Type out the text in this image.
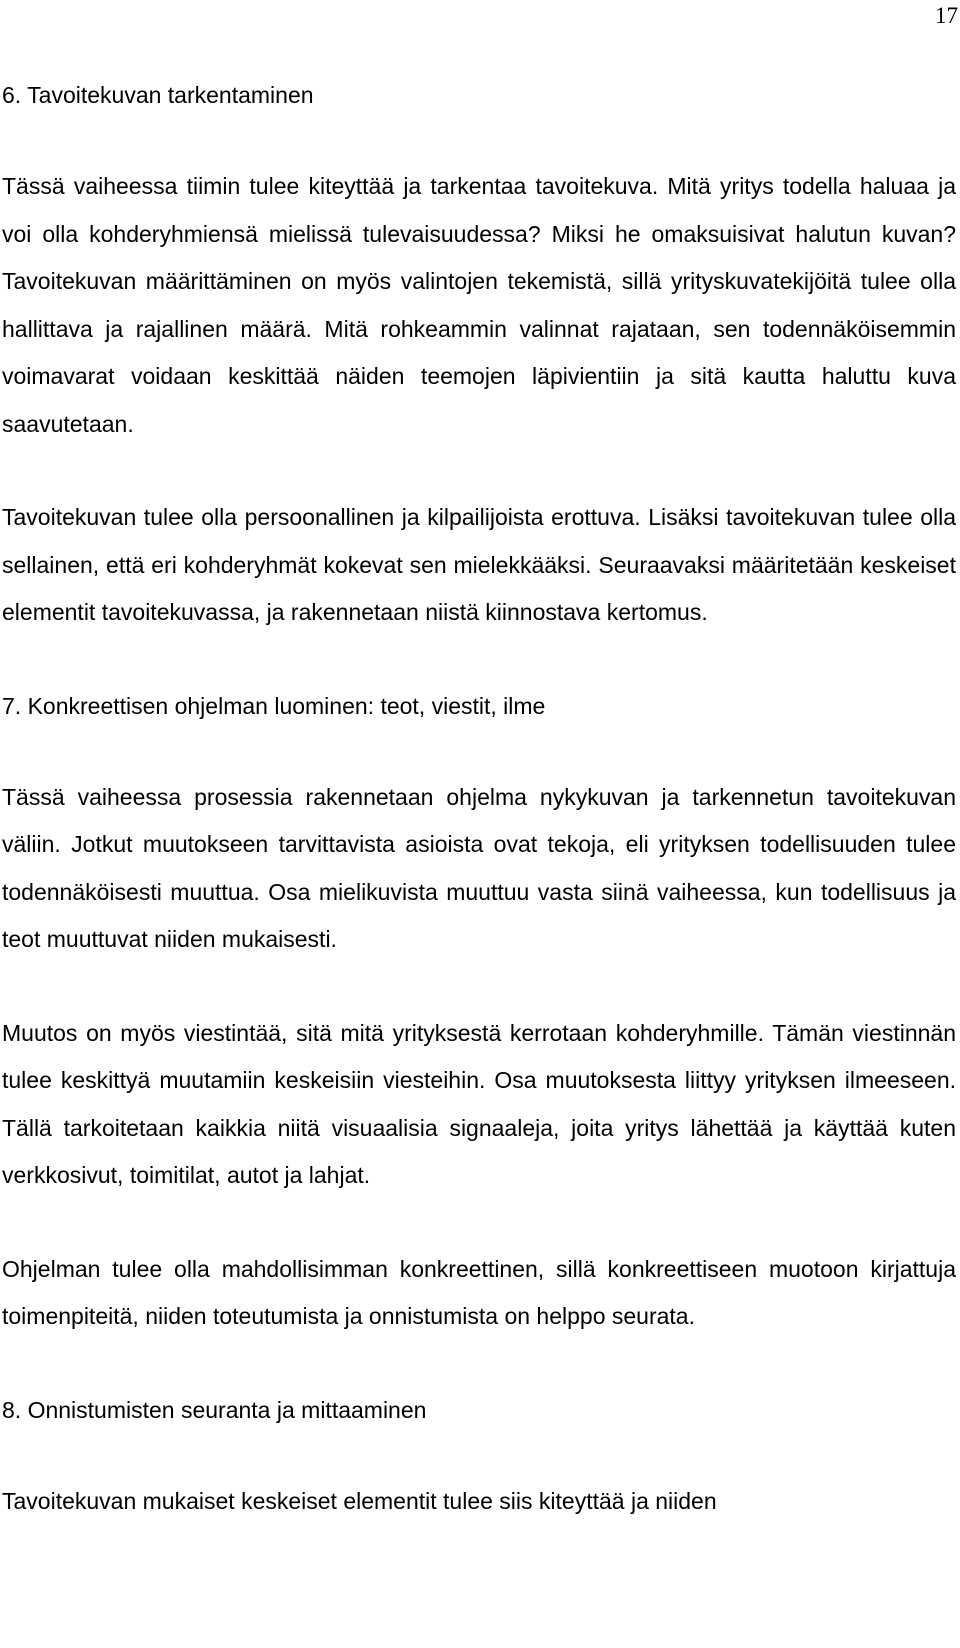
17
6. Tavoitekuvan tarkentaminen

Tässä vaiheessa tiimin tulee kiteyttää ja tarkentaa tavoitekuva. Mitä yritys todella haluaa ja voi olla kohderyhmiensä mielissä tulevaisuudessa? Miksi he omaksuisivat halutun kuvan? Tavoitekuvan määrittäminen on myös valintojen tekemistä, sillä yrityskuvatekijöitä tulee olla hallittava ja rajallinen määrä. Mitä rohkeammin valinnat rajataan, sen todennäköisemmin voimavarat voidaan keskittää näiden teemojen läpivientiin ja sitä kautta haluttu kuva saavutetaan.

Tavoitekuvan tulee olla persoonallinen ja kilpailijoista erottuva. Lisäksi tavoitekuvan tulee olla sellainen, että eri kohderyhmät kokevat sen mielekkääksi. Seuraavaksi määritetään keskeiset elementit tavoitekuvassa, ja rakennetaan niistä kiinnostava kertomus.

7. Konkreettisen ohjelman luominen: teot, viestit, ilme

Tässä vaiheessa prosessia rakennetaan ohjelma nykykuvan ja tarkennetun tavoitekuvan väliin. Jotkut muutokseen tarvittavista asioista ovat tekoja, eli yrityksen todellisuuden tulee todennäköisesti muuttua. Osa mielikuvista muuttuu vasta siinä vaiheessa, kun todellisuus ja teot muuttuvat niiden mukaisesti.

Muutos on myös viestintää, sitä mitä yrityksestä kerrotaan kohderyhmille. Tämän viestinnän tulee keskittyä muutamiin keskeisiin viesteihin. Osa muutoksesta liittyy yrityksen ilmeeseen. Tällä tarkoitetaan kaikkia niitä visuaalisia signaaleja, joita yritys lähettää ja käyttää kuten verkkosivut, toimitilat, autot ja lahjat.

Ohjelman tulee olla mahdollisimman konkreettinen, sillä konkreettiseen muotoon kirjattuja toimenpiteitä, niiden toteutumista ja onnistumista on helppo seurata.

8. Onnistumisten seuranta ja mittaaminen

Tavoitekuvan mukaiset keskeiset elementit tulee siis kiteyttää ja niiden
